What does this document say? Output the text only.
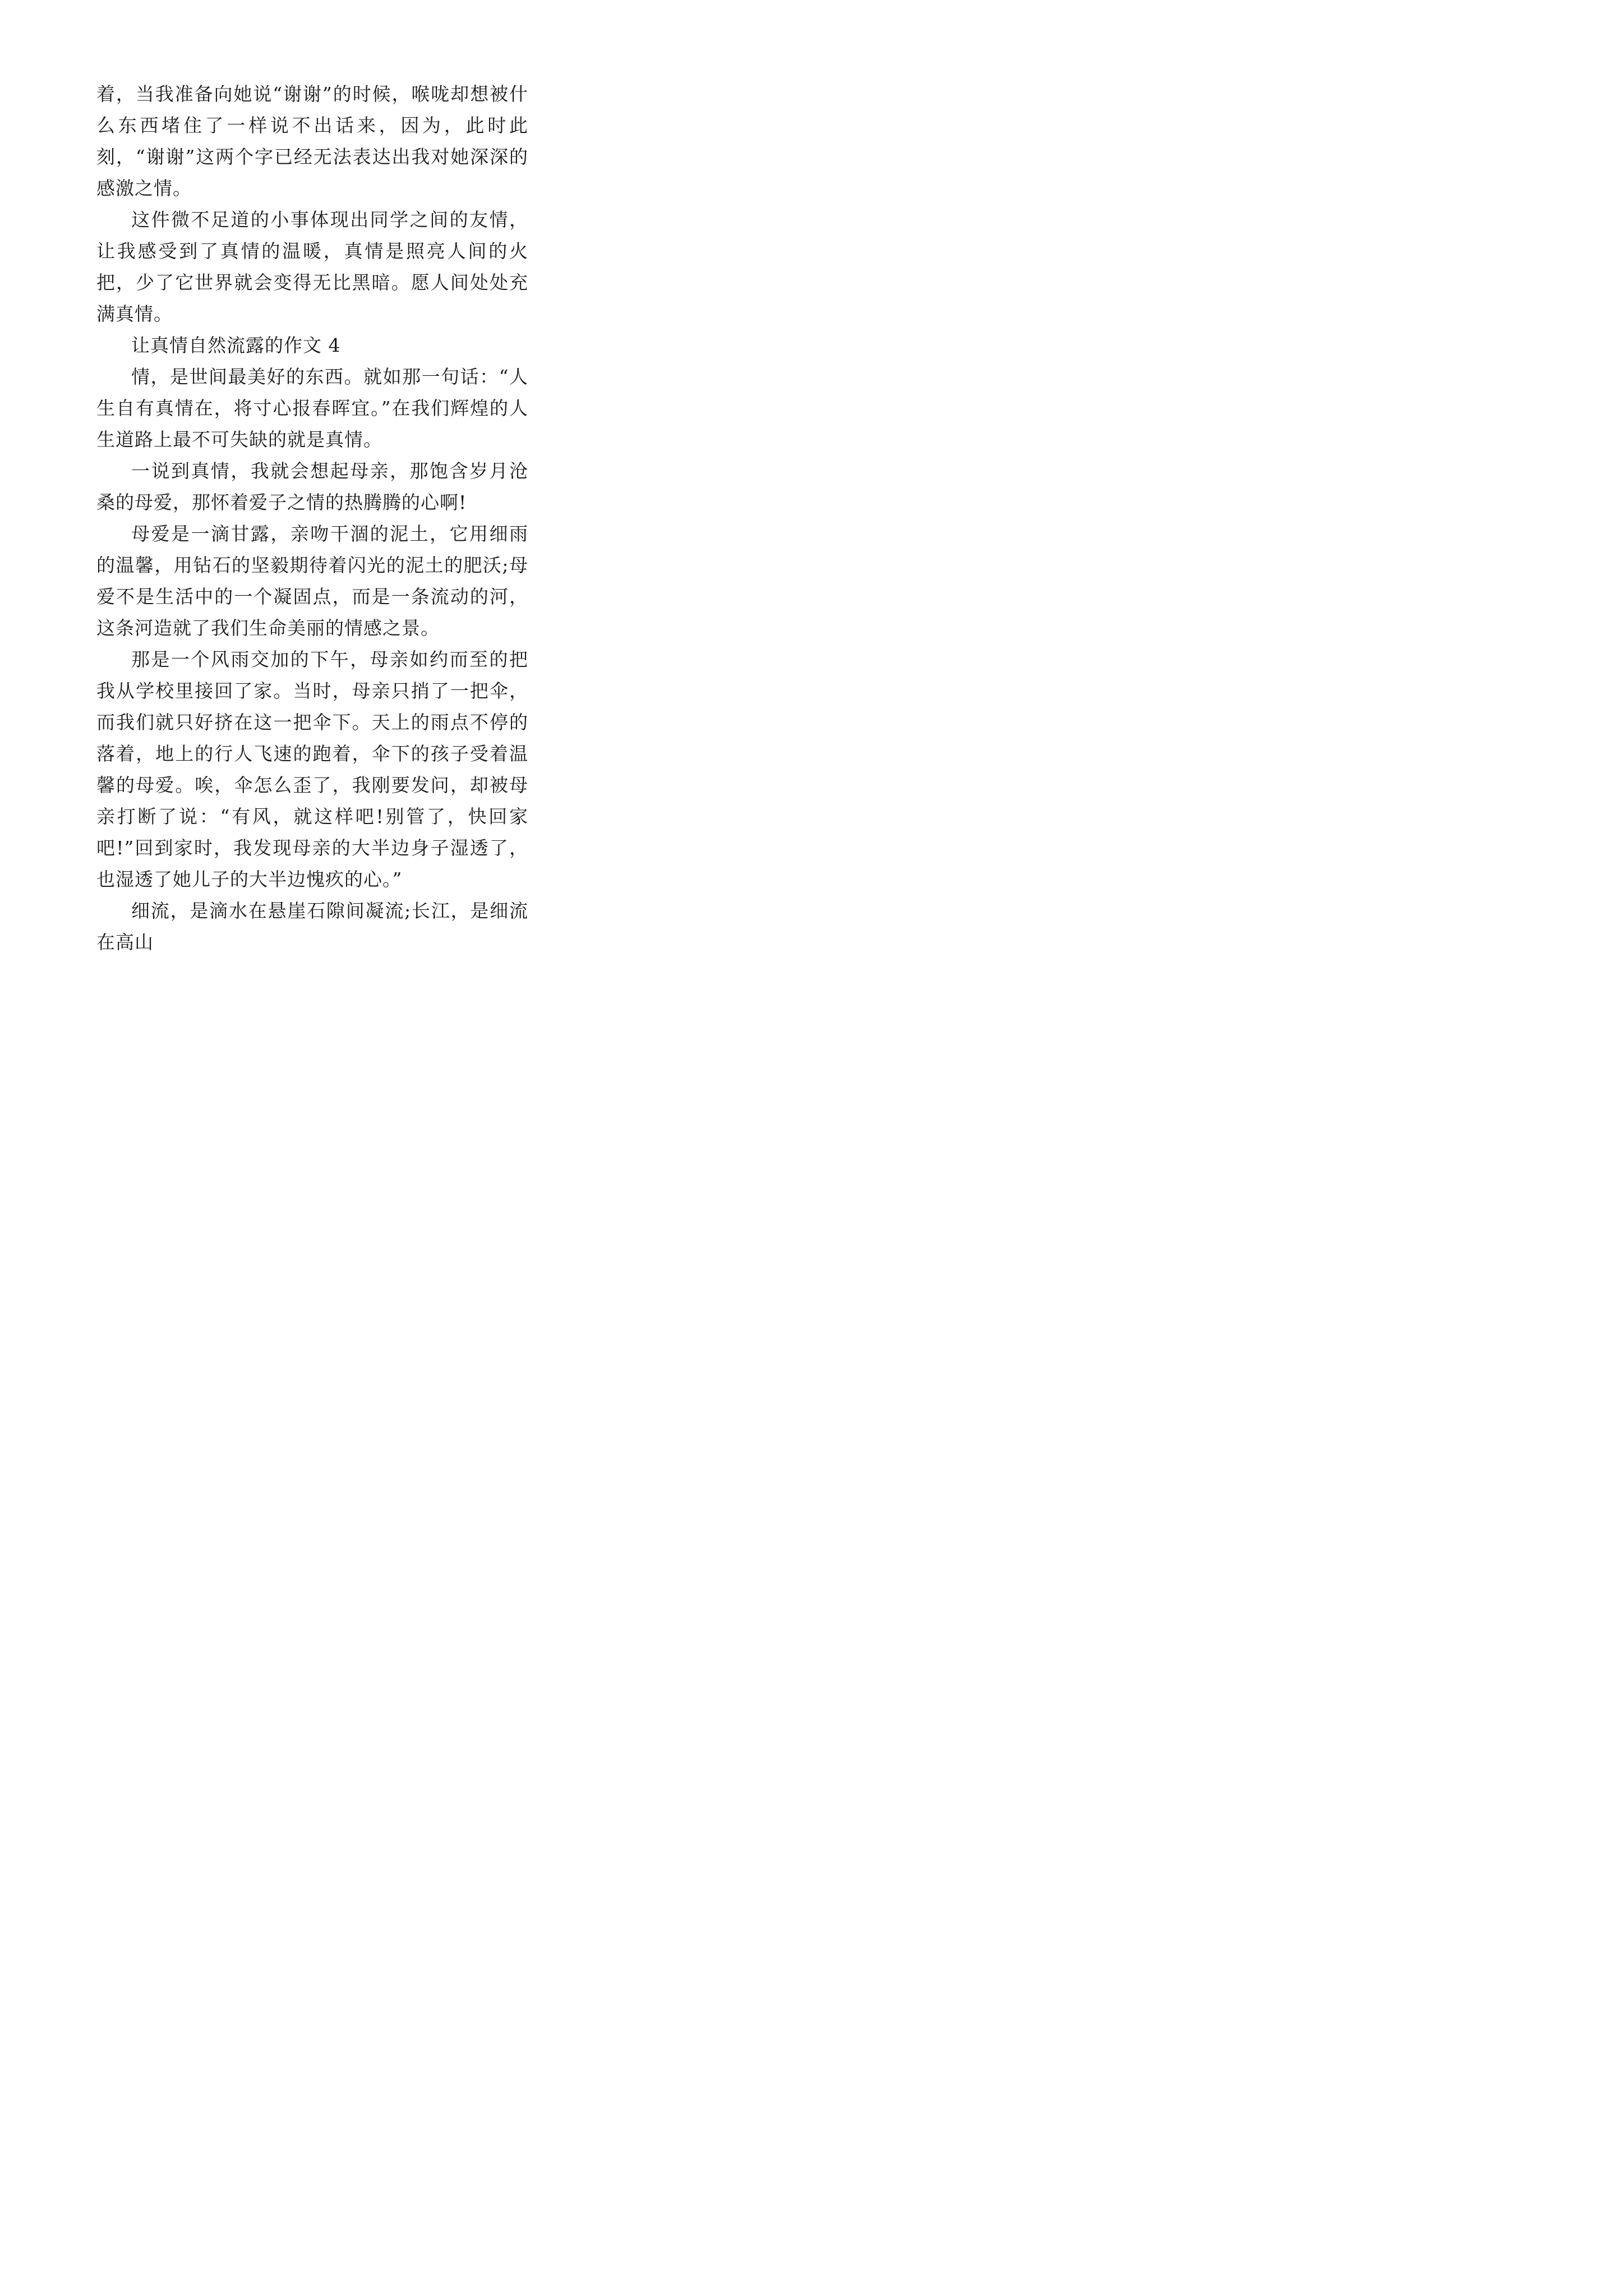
着，当我准备向她说“谢谢”的时候，喉咙却想被什么东西堵住了一样说不出话来，因为，此时此刻，“谢谢”这两个字已经无法表达出我对她深深的感激之情。

这件微不足道的小事体现出同学之间的友情，让我感受到了真情的温暖，真情是照亮人间的火把，少了它世界就会变得无比黑暗。愿人间处处充满真情。

让真情自然流露的作文 4

情，是世间最美好的东西。就如那一句话：“人生自有真情在，将寸心报春晖宜。”在我们辉煌的人生道路上最不可失缺的就是真情。

一说到真情，我就会想起母亲，那饱含岁月沧桑的母爱，那怀着爱子之情的热腾腾的心啊!

母爱是一滴甘露，亲吻干涸的泥土，它用细雨的温馨，用钻石的坚毅期待着闪光的泥土的肥沃;母爱不是生活中的一个凝固点，而是一条流动的河，这条河造就了我们生命美丽的情感之景。

那是一个风雨交加的下午，母亲如约而至的把我从学校里接回了家。当时，母亲只捎了一把伞，而我们就只好挤在这一把伞下。天上的雨点不停的落着，地上的行人飞速的跑着，伞下的孩子受着温馨的母爱。唉，伞怎么歪了，我刚要发问，却被母亲打断了说：“有风，就这样吧!别管了，快回家吧!”回到家时，我发现母亲的大半边身子湿透了，也湿透了她儿子的大半边愧疚的心。”

细流，是滴水在悬崖石隙间凝流;长江，是细流在高山
